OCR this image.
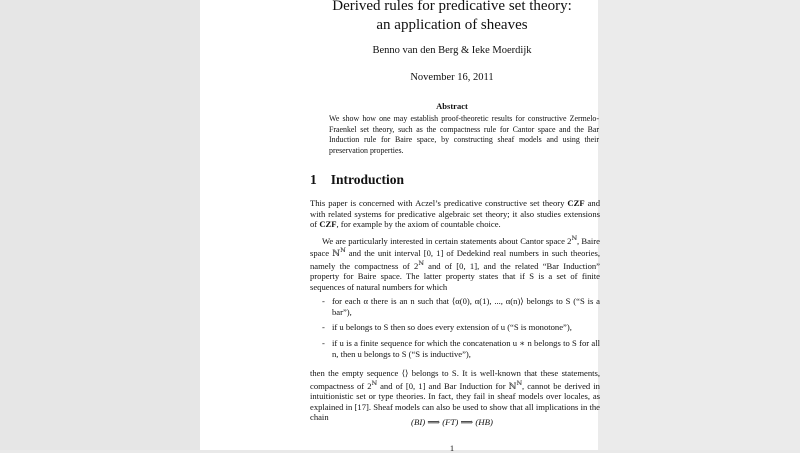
Derived rules for predicative set theory:
an application of sheaves
Benno van den Berg & Ieke Moerdijk
November 16, 2011
Abstract
We show how one may establish proof-theoretic results for constructive Zermelo-Fraenkel set theory, such as the compactness rule for Cantor space and the Bar Induction rule for Baire space, by constructing sheaf models and using their preservation properties.
1 Introduction
This paper is concerned with Aczel’s predicative constructive set theory CZF and with related systems for predicative algebraic set theory; it also studies extensions of CZF, for example by the axiom of countable choice.
We are particularly interested in certain statements about Cantor space $2^ℕ$, Baire space ℕ$^ℕ$ and the unit interval [0, 1] of Dedekind real numbers in such theories, namely the compactness of $2^ℕ$ and of [0, 1], and the related “Bar Induction” property for Baire space. The latter property states that if S is a set of finite sequences of natural numbers for which
- for each α there is an n such that ⟨α(0), α(1), ..., α(n)⟩ belongs to S (“S is a bar”),
- if u belongs to S then so does every extension of u (“S is monotone”),
- if u is a finite sequence for which the concatenation u ∗ n belongs to S for all n, then u belongs to S (“S is inductive”),
then the empty sequence ⟨⟩ belongs to S. It is well-known that these statements, compactness of $2^ℕ$ and of [0, 1] and Bar Induction for ℕ$^ℕ$, cannot be derived in intuitionistic set or type theories. In fact, they fail in sheaf models over locales, as explained in [17]. Sheaf models can also be used to show that all implications in the chain	(BI) ⟹ (FT) ⟹ (HB)
1
